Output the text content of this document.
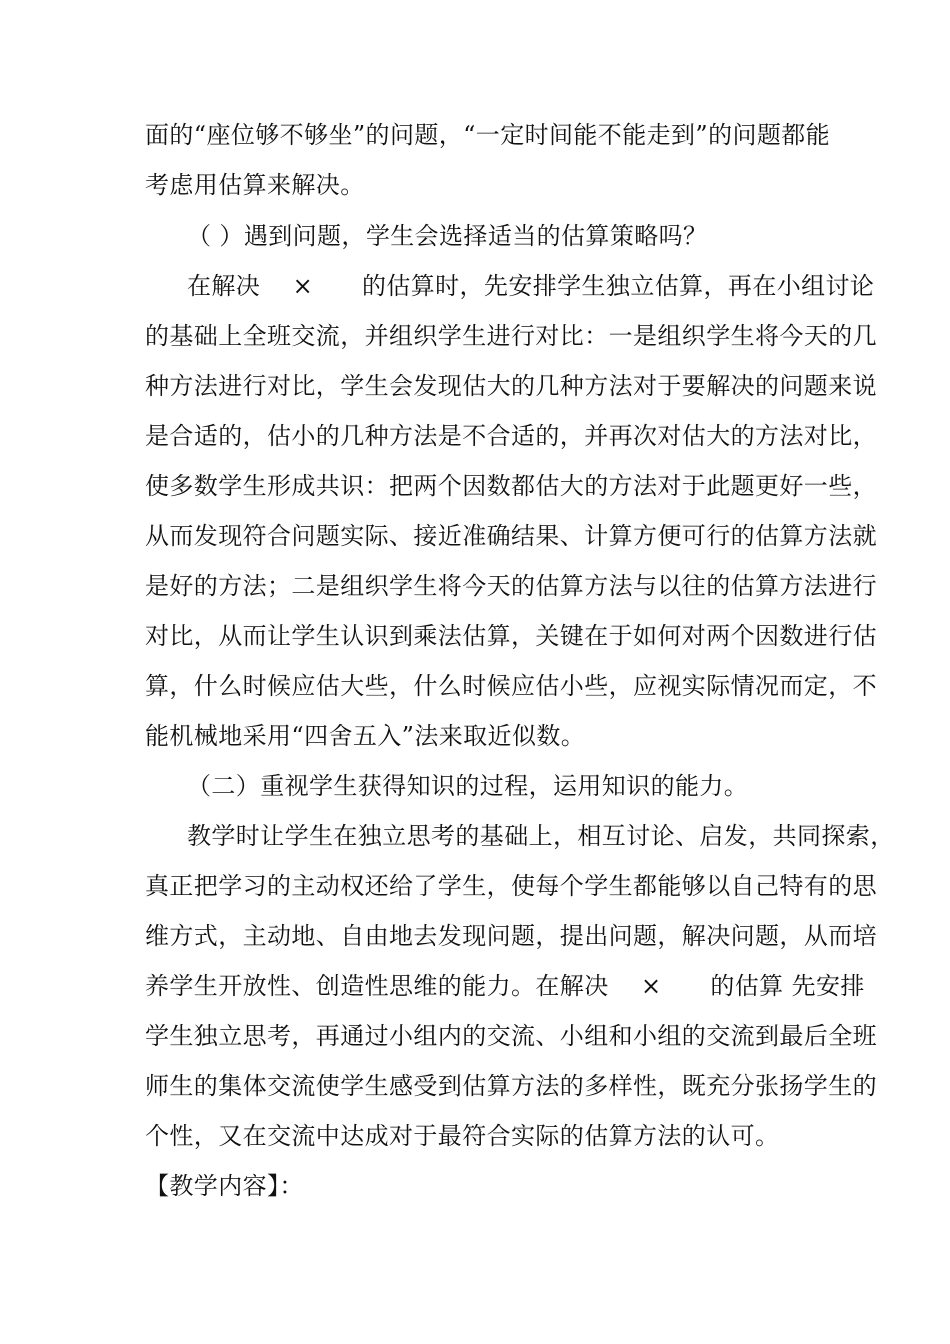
面的“座位够不够坐”的问题，“一定时间能不能走到”的问题都能
考虑用估算来解决。
（ ）遇到问题，学生会选择适当的估算策略吗？
在解决　 ×　　的估算时，先安排学生独立估算，再在小组讨论
的基础上全班交流，并组织学生进行对比：一是组织学生将今天的几
种方法进行对比，学生会发现估大的几种方法对于要解决的问题来说
是合适的，估小的几种方法是不合适的，并再次对估大的方法对比，
使多数学生形成共识：把两个因数都估大的方法对于此题更好一些，
从而发现符合问题实际、接近准确结果、计算方便可行的估算方法就
是好的方法；二是组织学生将今天的估算方法与以往的估算方法进行
对比，从而让学生认识到乘法估算，关键在于如何对两个因数进行估
算，什么时候应估大些，什么时候应估小些，应视实际情况而定，不
能机械地采用“四舍五入”法来取近似数。
（二）重视学生获得知识的过程，运用知识的能力。
教学时让学生在独立思考的基础上，相互讨论、启发，共同探索，
真正把学习的主动权还给了学生，使每个学生都能够以自己特有的思
维方式，主动地、自由地去发现问题，提出问题，解决问题，从而培
养学生开放性、创造性思维的能力。在解决　 ×　　的估算 先安排
学生独立思考，再通过小组内的交流、小组和小组的交流到最后全班
师生的集体交流使学生感受到估算方法的多样性，既充分张扬学生的
个性，又在交流中达成对于最符合实际的估算方法的认可。
【教学内容】：
